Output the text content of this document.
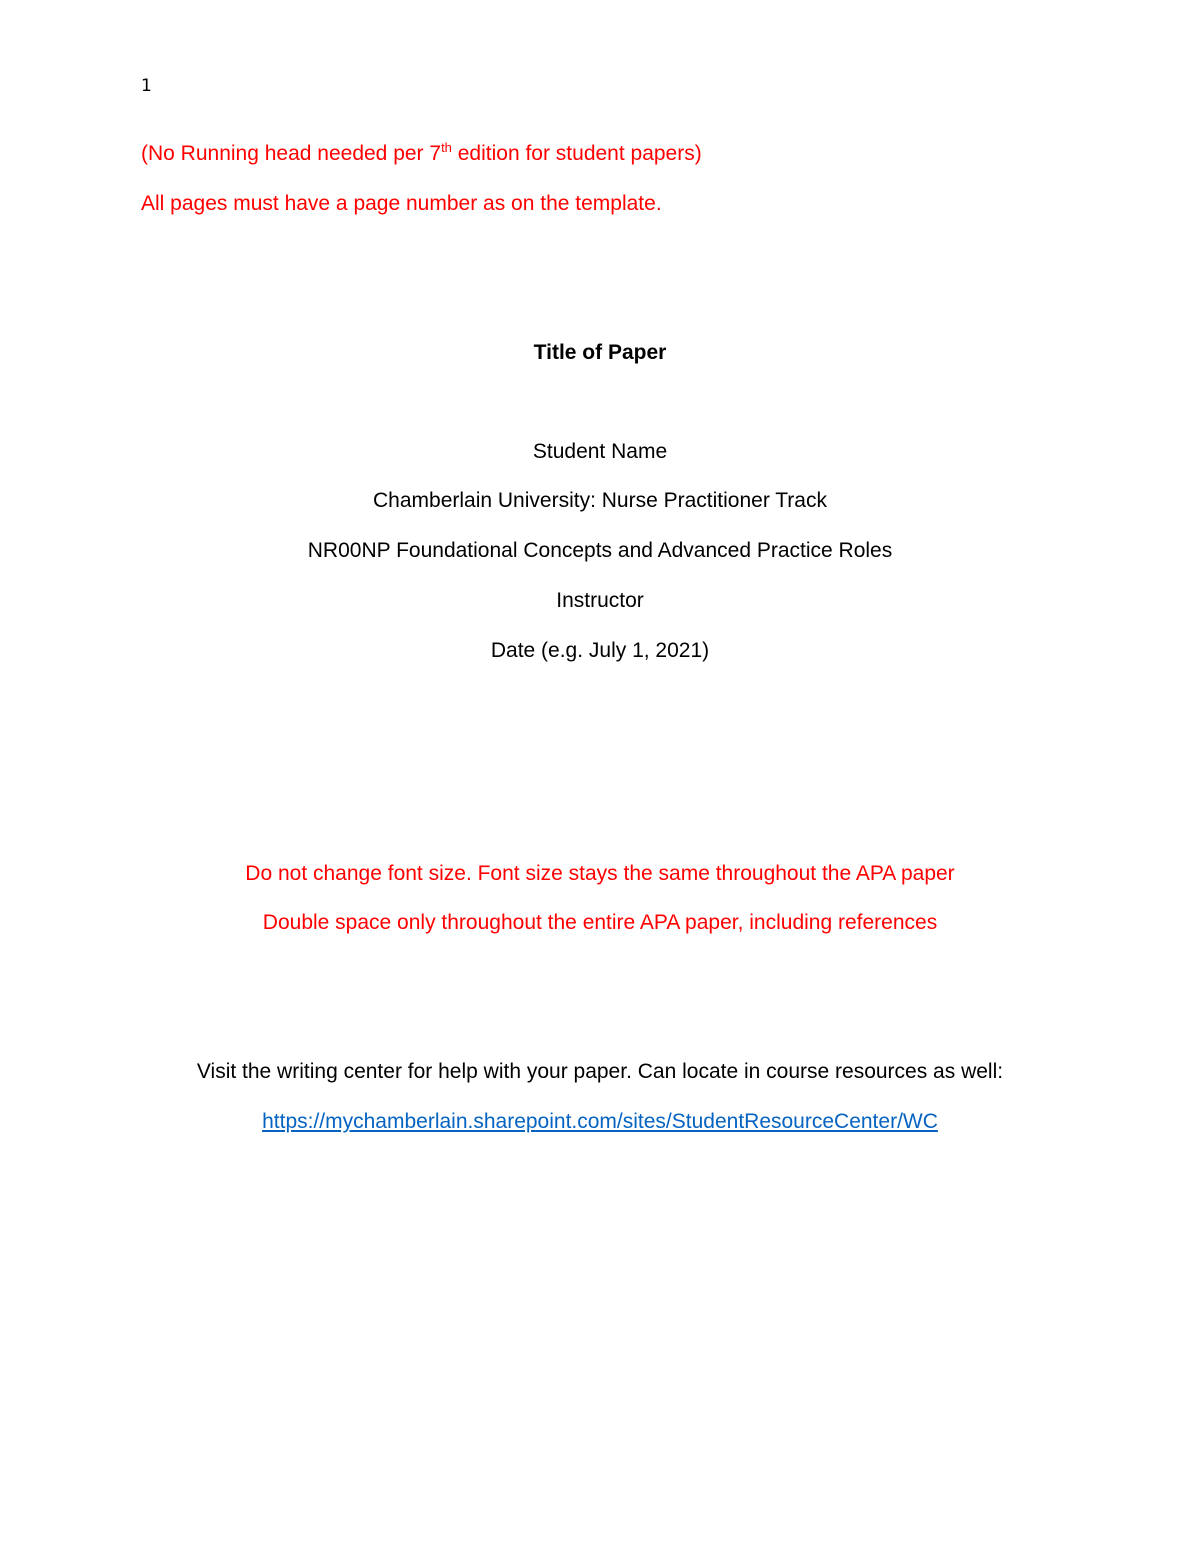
1
(No Running head needed per 7th edition for student papers)
All pages must have a page number as on the template.
Title of Paper
Student Name
Chamberlain University: Nurse Practitioner Track
NR00NP Foundational Concepts and Advanced Practice Roles
Instructor
Date (e.g. July 1, 2021)
Do not change font size. Font size stays the same throughout the APA paper
Double space only throughout the entire APA paper, including references
Visit the writing center for help with your paper. Can locate in course resources as well:
https://mychamberlain.sharepoint.com/sites/StudentResourceCenter/WC
